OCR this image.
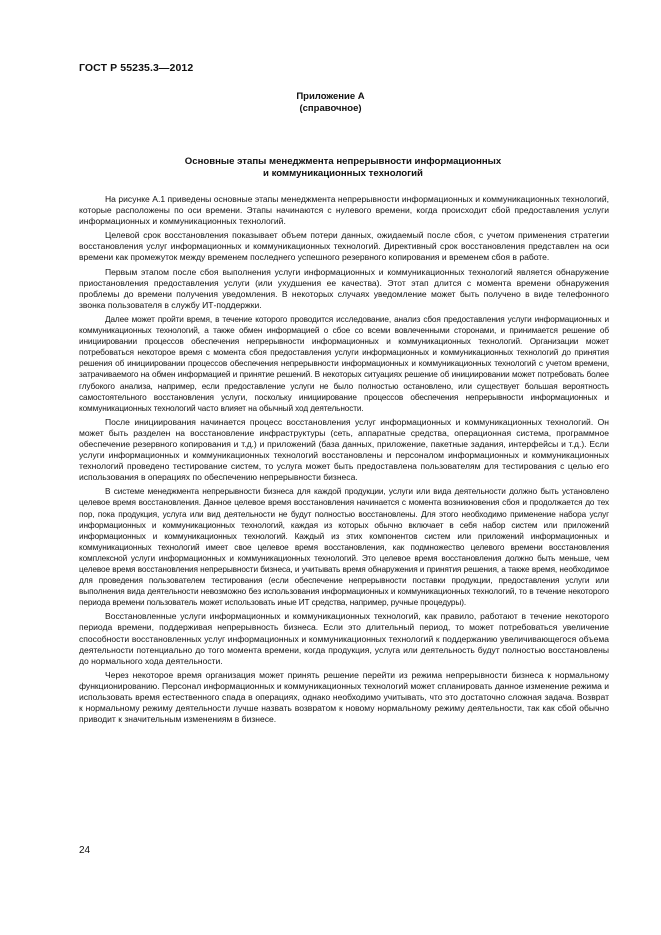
ГОСТ Р 55235.3—2012
Приложение А
(справочное)
Основные этапы менеджмента непрерывности информационных
и коммуникационных технологий

На рисунке А.1 приведены основные этапы менеджмента непрерывности информационных и коммуникационных технологий, которые расположены по оси времени. Этапы начинаются с нулевого времени, когда происходит сбой предоставления услуги информационных и коммуникационных технологий.

Целевой срок восстановления показывает объем потери данных, ожидаемый после сбоя, с учетом применения стратегии восстановления услуг информационных и коммуникационных технологий. Директивный срок восстановления представлен на оси времени как промежуток между временем последнего успешного резервного копирования и временем сбоя в работе.

Первым этапом после сбоя выполнения услуги информационных и коммуникационных технологий является обнаружение приостановления предоставления услуги (или ухудшения ее качества). Этот этап длится с момента времени обнаружения проблемы до времени получения уведомления. В некоторых случаях уведомление может быть получено в виде телефонного звонка пользователя в службу ИТ-поддержки.

Далее может пройти время, в течение которого проводится исследование, анализ сбоя предоставления услуги информационных и коммуникационных технологий, а также обмен информацией о сбое со всеми вовлеченными сторонами, и принимается решение об инициировании процессов обеспечения непрерывности информационных и коммуникационных технологий. Организации может потребоваться некоторое время с момента сбоя предоставления услуги информационных и коммуникационных технологий до принятия решения об инициировании процессов обеспечения непрерывности информационных и коммуникационных технологий с учетом времени, затрачиваемого на обмен информацией и принятие решений. В некоторых ситуациях решение об инициировании может потребовать более глубокого анализа, например, если предоставление услуги не было полностью остановлено, или существует большая вероятность самостоятельного восстановления услуги, поскольку инициирование процессов обеспечения непрерывности информационных и коммуникационных технологий часто влияет на обычный ход деятельности.

После инициирования начинается процесс восстановления услуг информационных и коммуникационных технологий. Он может быть разделен на восстановление инфраструктуры (сеть, аппаратные средства, операционная система, программное обеспечение резервного копирования и т.д.) и приложений (база данных, приложение, пакетные задания, интерфейсы и т.д.). Если услуги информационных и коммуникационных технологий восстановлены и персоналом информационных и коммуникационных технологий проведено тестирование систем, то услуга может быть предоставлена пользователям для тестирования с целью его использования в операциях по обеспечению непрерывности бизнеса.

В системе менеджмента непрерывности бизнеса для каждой продукции, услуги или вида деятельности должно быть установлено целевое время восстановления. Данное целевое время восстановления начинается с момента возникновения сбоя и продолжается до тех пор, пока продукция, услуга или вид деятельности не будут полностью восстановлены. Для этого необходимо применение набора услуг информационных и коммуникационных технологий, каждая из которых обычно включает в себя набор систем или приложений информационных и коммуникационных технологий. Каждый из этих компонентов систем или приложений информационных и коммуникационных технологий имеет свое целевое время восстановления, как подмножество целевого времени восстановления комплексной услуги информационных и коммуникационных технологий. Это целевое время восстановления должно быть меньше, чем целевое время восстановления непрерывности бизнеса, и учитывать время обнаружения и принятия решения, а также время, необходимое для проведения пользователем тестирования (если обеспечение непрерывности поставки продукции, предоставления услуги или выполнения вида деятельности невозможно без использования информационных и коммуникационных технологий, то в течение некоторого периода времени пользователь может использовать иные ИТ средства, например, ручные процедуры).

Восстановленные услуги информационных и коммуникационных технологий, как правило, работают в течение некоторого периода времени, поддерживая непрерывность бизнеса. Если это длительный период, то может потребоваться увеличение способности восстановленных услуг информационных и коммуникационных технологий к поддержанию увеличивающегося объема деятельности потенциально до того момента времени, когда продукция, услуга или деятельность будут полностью восстановлены до нормального хода деятельности.

Через некоторое время организация может принять решение перейти из режима непрерывности бизнеса к нормальному функционированию. Персонал информационных и коммуникационных технологий может спланировать данное изменение режима и использовать время естественного спада в операциях, однако необходимо учитывать, что это достаточно сложная задача. Возврат к нормальному режиму деятельности лучше назвать возвратом к новому нормальному режиму деятельности, так как сбой обычно приводит к значительным изменениям в бизнесе.

24
